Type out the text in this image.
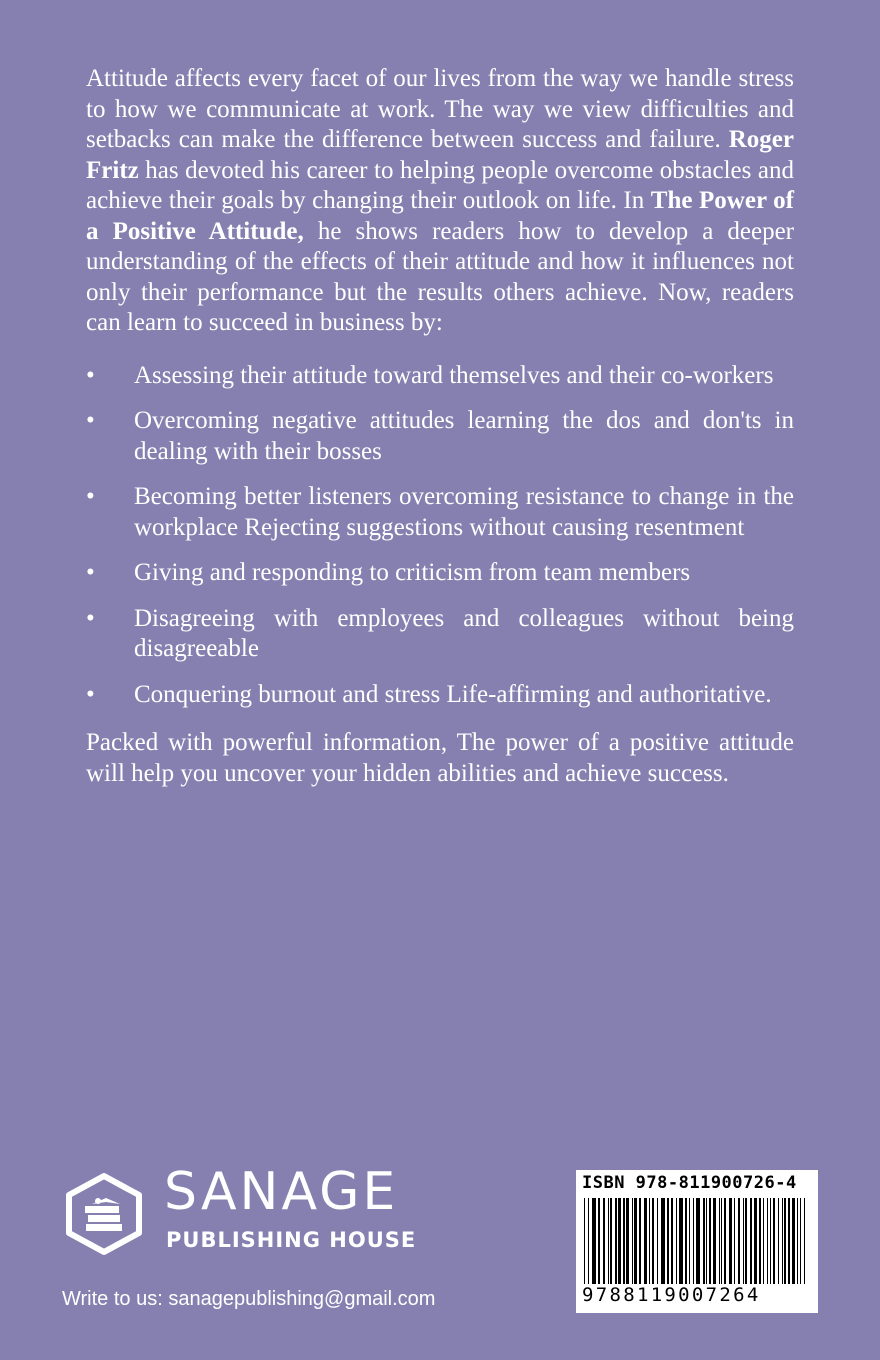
Attitude affects every facet of our lives from the way we handle stress to how we communicate at work. The way we view difficulties and setbacks can make the difference between success and failure. Roger Fritz has devoted his career to helping people overcome obstacles and achieve their goals by changing their outlook on life. In The Power of a Positive Attitude, he shows readers how to develop a deeper understanding of the effects of their attitude and how it influences not only their performance but the results others achieve. Now, readers can learn to succeed in business by:

• Assessing their attitude toward themselves and their co-workers
• Overcoming negative attitudes learning the dos and don'ts in dealing with their bosses
• Becoming better listeners overcoming resistance to change in the workplace Rejecting suggestions without causing resentment
• Giving and responding to criticism from team members
• Disagreeing with employees and colleagues without being disagreeable
• Conquering burnout and stress Life-affirming and authoritative.

Packed with powerful information, The power of a positive attitude will help you uncover your hidden abilities and achieve success.

SANAGE
PUBLISHING HOUSE
Write to us: sanagepublishing@gmail.com
ISBN 978-811900726-4
9788119007264
